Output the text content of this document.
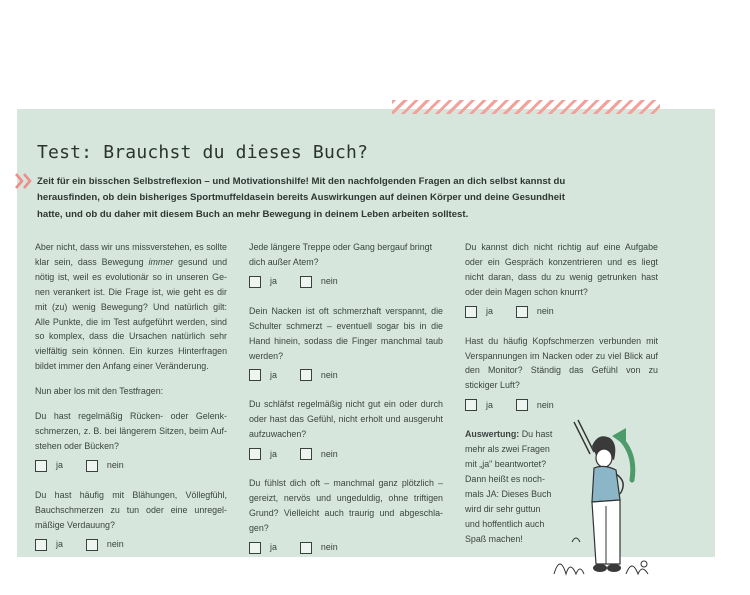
Test: Brauchst du dieses Buch?
Zeit für ein bisschen Selbstreflexion – und Motivationshilfe! Mit den nachfolgenden Fragen an dich selbst kannst du herausfinden, ob dein bisheriges Sportmuffeldasein bereits Auswirkungen auf deinen Körper und deine Gesundheit hatte, und ob du daher mit diesem Buch an mehr Bewegung in deinem Leben arbeiten solltest.

Aber nicht, dass wir uns missverstehen, es sollte klar sein, dass Bewegung immer gesund und nötig ist, weil es evolutionär so in unseren Genen verankert ist. Die Frage ist, wie geht es dir mit (zu) wenig Bewegung? Und natürlich gilt: Alle Punkte, die im Test aufgeführt werden, sind so komplex, dass die Ursachen natürlich sehr vielfältig sein können. Ein kurzes Hinterfragen bildet immer den Anfang einer Veränderung.

Nun aber los mit den Testfragen:

Du hast regelmäßig Rücken- oder Gelenkschmerzen, z. B. bei längerem Sitzen, beim Aufstehen oder Bücken?

ja	nein

Du hast häufig mit Blähungen, Völlegfühl, Bauchschmerzen zu tun oder eine unregelmäßige Verdauung?

ja	nein

Jede längere Treppe oder Gang bergauf bringt dich außer Atem?

ja	nein

Dein Nacken ist oft schmerzhaft verspannt, die Schulter schmerzt – eventuell sogar bis in die Hand hinein, sodass die Finger manchmal taub werden?

ja	nein

Du schläfst regelmäßig nicht gut ein oder durch oder hast das Gefühl, nicht erholt und ausgeruht aufzuwachen?

ja	nein

Du fühlst dich oft – manchmal ganz plötzlich – gereizt, nervös und ungeduldig, ohne triftigen Grund? Vielleicht auch traurig und abgeschlagen?

ja	nein

Du kannst dich nicht richtig auf eine Aufgabe oder ein Gespräch konzentrieren und es liegt nicht daran, dass du zu wenig getrunken hast oder dein Magen schon knurrt?

ja	nein

Hast du häufig Kopfschmerzen verbunden mit Verspannungen im Nacken oder zu viel Blick auf den Monitor? Ständig das Gefühl von zu stickiger Luft?

ja	nein

Auswertung: Du hast mehr als zwei Fragen mit „ja" beantwortet? Dann heißt es nochmals JA: Dieses Buch wird dir sehr guttun und hoffentlich auch Spaß machen!
